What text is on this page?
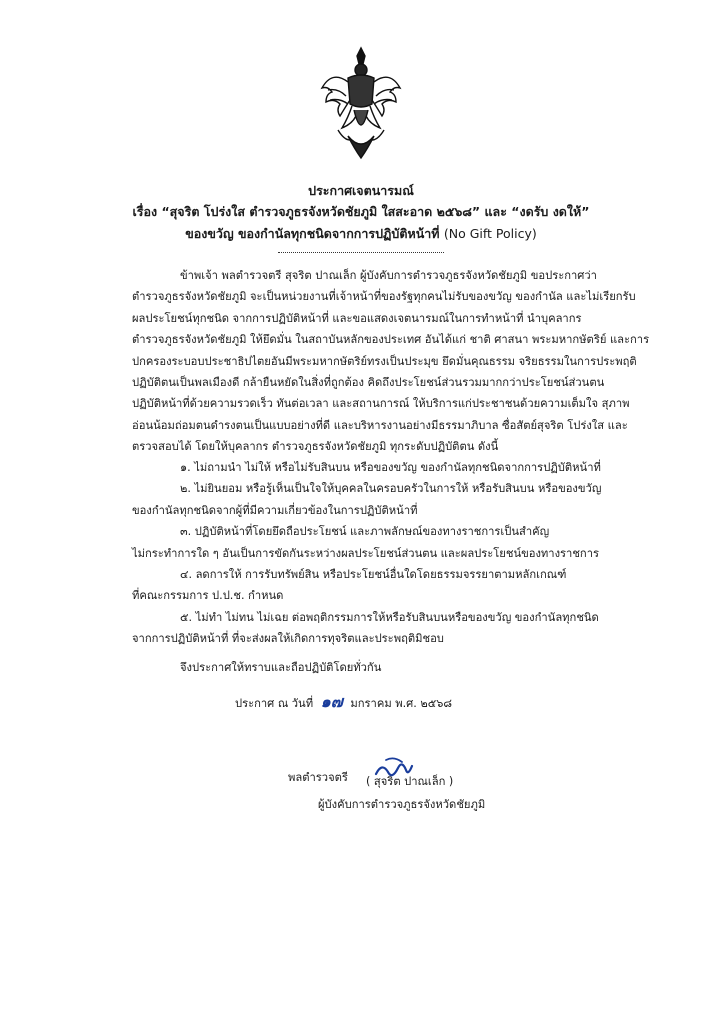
ประกาศเจตนารมณ์
เรื่อง “สุจริต โปร่งใส ตำรวจภูธรจังหวัดชัยภูมิ ใสสะอาด ๒๕๖๘” และ “งดรับ งดให้”
ของขวัญ ของกำนัลทุกชนิดจากการปฏิบัติหน้าที่ (No Gift Policy)

ข้าพเจ้า พลตำรวจตรี สุจริต ปาณเล็ก ผู้บังคับการตำรวจภูธรจังหวัดชัยภูมิ ขอประกาศว่า

ตำรวจภูธรจังหวัดชัยภูมิ จะเป็นหน่วยงานที่เจ้าหน้าที่ของรัฐทุกคนไม่รับของขวัญ ของกำนัล และไม่เรียกรับ

ผลประโยชน์ทุกชนิด จากการปฏิบัติหน้าที่ และขอแสดงเจตนารมณ์ในการทำหน้าที่ นำบุคลากร

ตำรวจภูธรจังหวัดชัยภูมิ ให้ยึดมั่น ในสถาบันหลักของประเทศ อันได้แก่ ชาติ ศาสนา พระมหากษัตริย์ และการ

ปกครองระบอบประชาธิปไตยอันมีพระมหากษัตริย์ทรงเป็นประมุข ยึดมั่นคุณธรรม จริยธรรมในการประพฤติ

ปฏิบัติตนเป็นพลเมืองดี กล้ายืนหยัดในสิ่งที่ถูกต้อง คิดถึงประโยชน์ส่วนรวมมากกว่าประโยชน์ส่วนตน

ปฏิบัติหน้าที่ด้วยความรวดเร็ว ทันต่อเวลา และสถานการณ์ ให้บริการแก่ประชาชนด้วยความเต็มใจ สุภาพ

อ่อนน้อมถ่อมตนดำรงตนเป็นแบบอย่างที่ดี และบริหารงานอย่างมีธรรมาภิบาล ซื่อสัตย์สุจริต โปร่งใส และ

ตรวจสอบได้ โดยให้บุคลากร ตำรวจภูธรจังหวัดชัยภูมิ ทุกระดับปฏิบัติตน ดังนี้

๑. ไม่ถามนำ ไม่ให้ หรือไม่รับสินบน หรือของขวัญ ของกำนัลทุกชนิดจากการปฏิบัติหน้าที่

๒. ไม่ยินยอม หรือรู้เห็นเป็นใจให้บุคคลในครอบครัวในการให้ หรือรับสินบน หรือของขวัญ

ของกำนัลทุกชนิดจากผู้ที่มีความเกี่ยวข้องในการปฏิบัติหน้าที่

๓. ปฏิบัติหน้าที่โดยยึดถือประโยชน์ และภาพลักษณ์ของทางราชการเป็นสำคัญ

ไม่กระทำการใด ๆ อันเป็นการขัดกันระหว่างผลประโยชน์ส่วนตน และผลประโยชน์ของทางราชการ

๔. ลดการให้ การรับทรัพย์สิน หรือประโยชน์อื่นใดโดยธรรมจรรยาตามหลักเกณฑ์

ที่คณะกรรมการ ป.ป.ช. กำหนด

๕. ไม่ทำ ไม่ทน ไม่เฉย ต่อพฤติกรรมการให้หรือรับสินบนหรือของขวัญ ของกำนัลทุกชนิด

จากการปฏิบัติหน้าที่ ที่จะส่งผลให้เกิดการทุจริตและประพฤติมิชอบ

จึงประกาศให้ทราบและถือปฏิบัติโดยทั่วกัน
ประกาศ ณ วันที่ ๑๗ มกราคม พ.ศ. ๒๕๖๘
พลตำรวจตรี ( สุจริต ปาณเล็ก )
ผู้บังคับการตำรวจภูธรจังหวัดชัยภูมิ
